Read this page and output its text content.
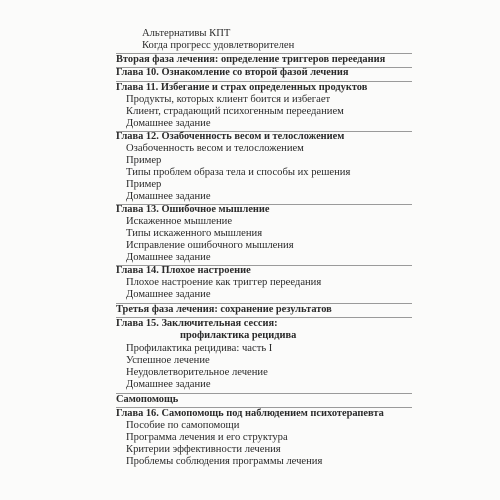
Альтернативы КПТ
Когда прогресс удовлетворителен
Вторая фаза лечения: определение триггеров переедания
Глава 10. Ознакомление со второй фазой лечения
Глава 11. Избегание и страх определенных продуктов
Продукты, которых клиент боится и избегает
Клиент, страдающий психогенным перееданием
Домашнее задание
Глава 12. Озабоченность весом и телосложением
Озабоченность весом и телосложением
Пример
Типы проблем образа тела и способы их решения
Пример
Домашнее задание
Глава 13. Ошибочное мышление
Искаженное мышление
Типы искаженного мышления
Исправление ошибочного мышления
Домашнее задание
Глава 14. Плохое настроение
Плохое настроение как триггер переедания
Домашнее задание
Третья фаза лечения: сохранение результатов
Глава 15. Заключительная сессия:
профилактика рецидива
Профилактика рецидива: часть I
Успешное лечение
Неудовлетворительное лечение
Домашнее задание
Самопомощь
Глава 16. Самопомощь под наблюдением психотерапевта
Пособие по самопомощи
Программа лечения и его структура
Критерии эффективности лечения
Проблемы соблюдения программы лечения
